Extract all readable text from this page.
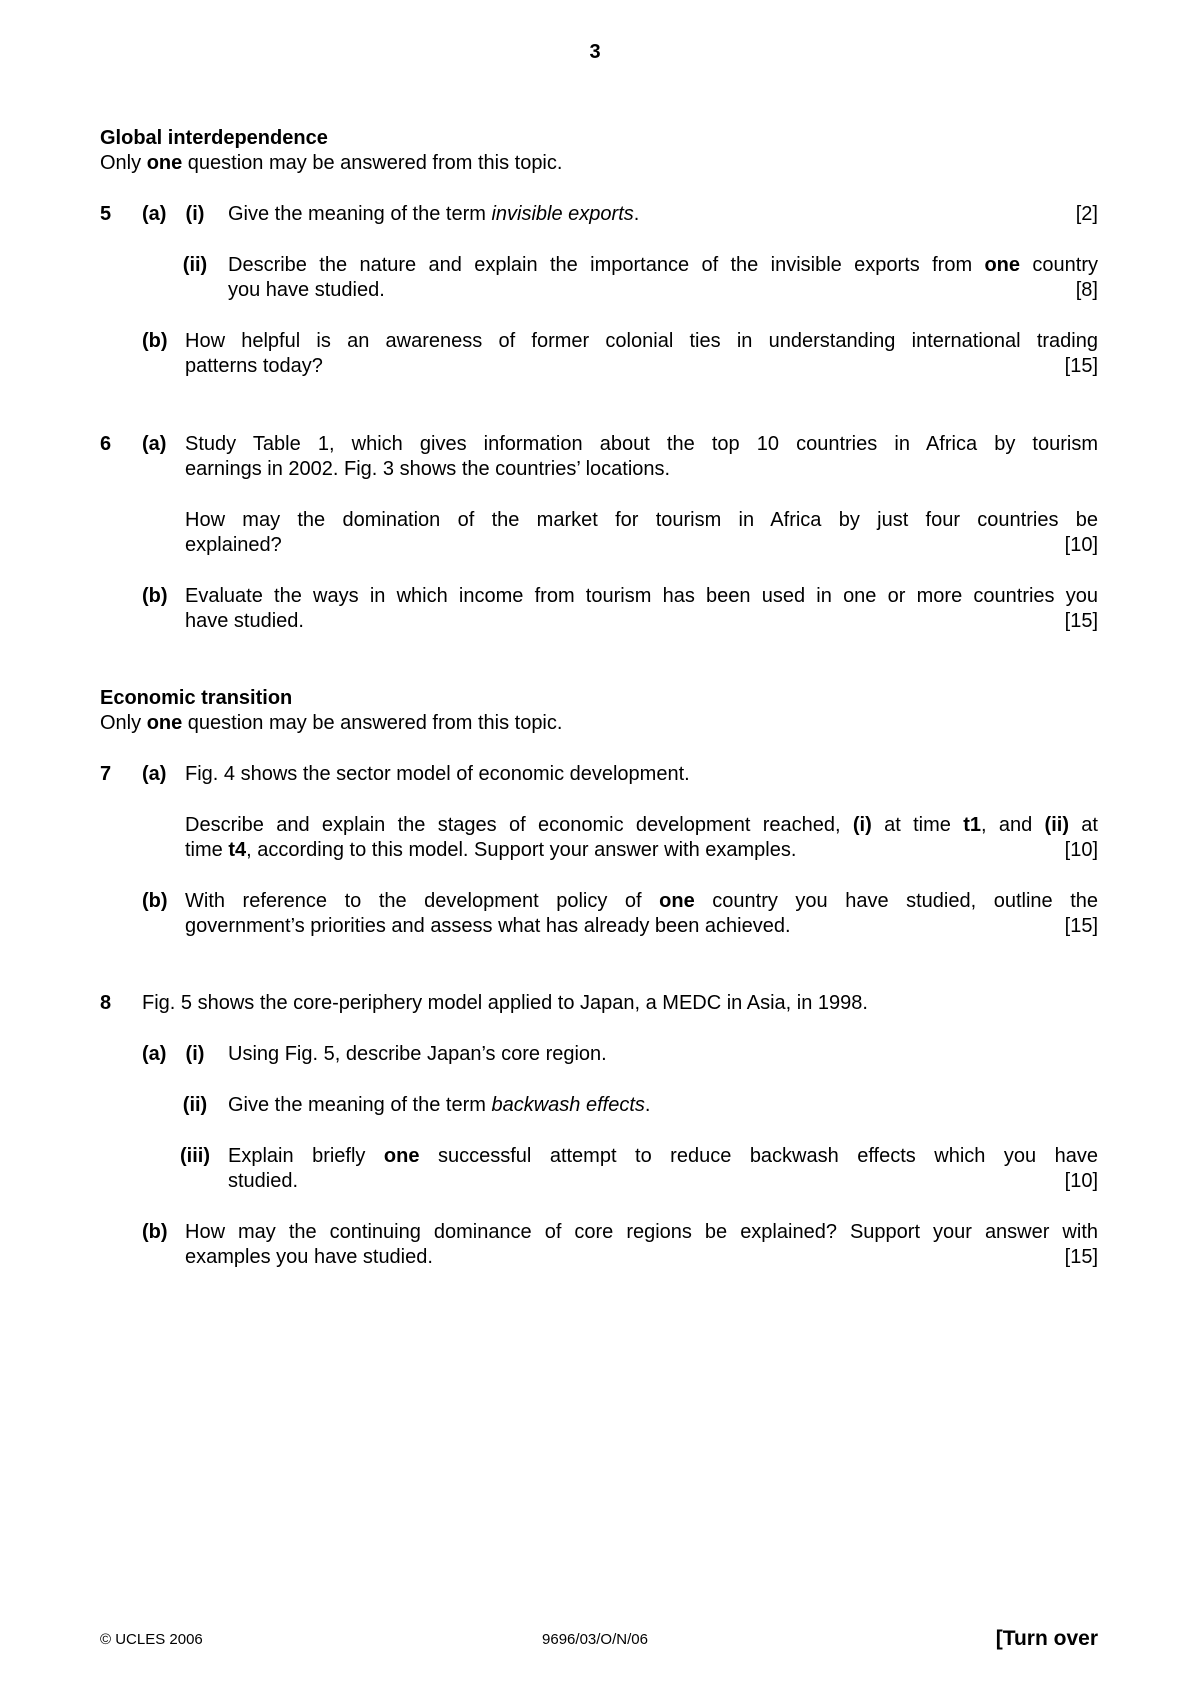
3
Global interdependence
Only one question may be answered from this topic.
5 (a) (i)	Give the meaning of the term invisible exports.	[2]
(ii)	Describe the nature and explain the importance of the invisible exports from one country
you have studied.	[8]
(b) How helpful is an awareness of former colonial ties in understanding international trading
patterns today?	[15]
6 (a) Study Table 1, which gives information about the top 10 countries in Africa by tourism
earnings in 2002. Fig. 3 shows the countries’ locations.
How may the domination of the market for tourism in Africa by just four countries be
explained?	[10]
(b) Evaluate the ways in which income from tourism has been used in one or more countries you
have studied.	[15]
Economic transition
Only one question may be answered from this topic.
7 (a) Fig. 4 shows the sector model of economic development.
Describe and explain the stages of economic development reached, (i) at time t1, and (ii) at
time t4, according to this model. Support your answer with examples.	[10]
(b) With reference to the development policy of one country you have studied, outline the
government’s priorities and assess what has already been achieved.	[15]
8 Fig. 5 shows the core-periphery model applied to Japan, a MEDC in Asia, in 1998.
(a) (i)	Using Fig. 5, describe Japan’s core region.
(ii)	Give the meaning of the term backwash effects.
(iii) Explain briefly one successful attempt to reduce backwash effects which you have
studied.	[10]
(b) How may the continuing dominance of core regions be explained? Support your answer with
examples you have studied.	[15]
© UCLES 2006	9696/03/O/N/06	[Turn over
